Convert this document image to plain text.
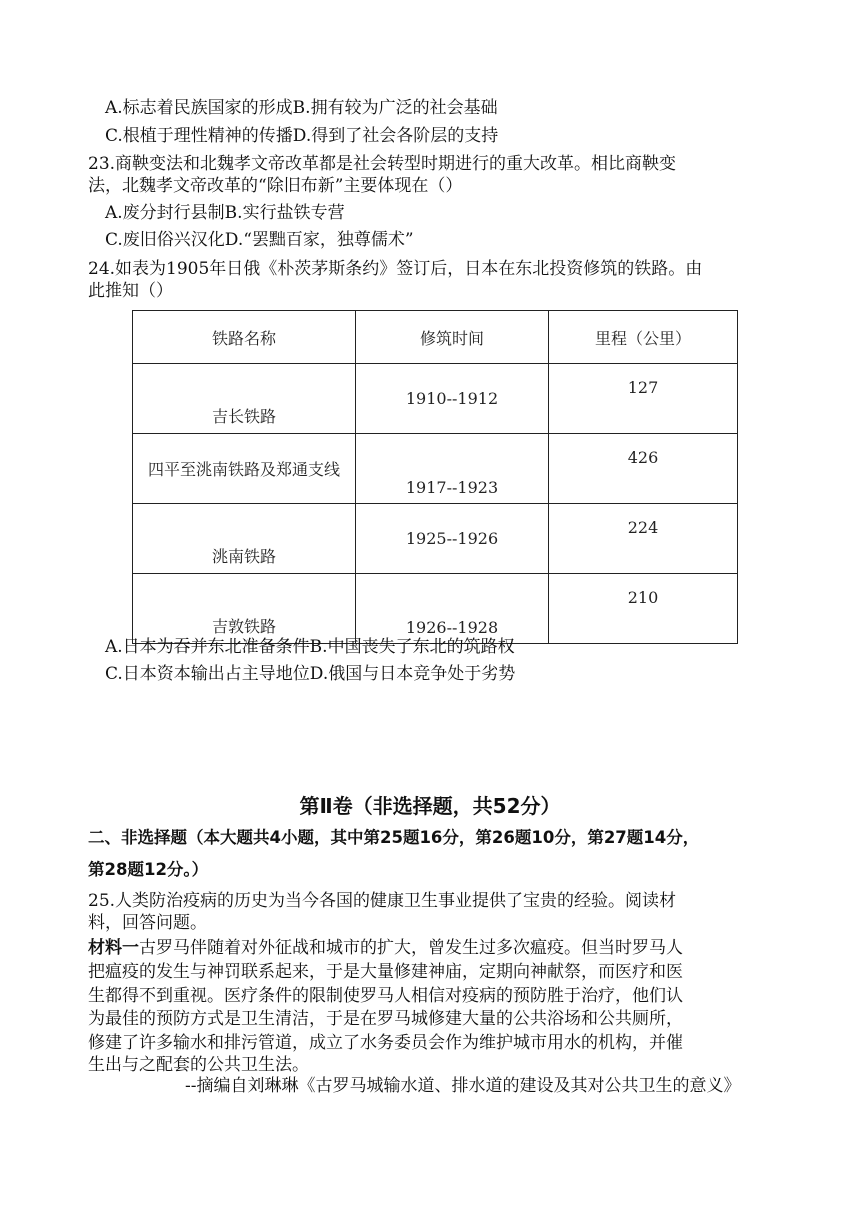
A.标志着民族国家的形成B.拥有较为广泛的社会基础
C.根植于理性精神的传播D.得到了社会各阶层的支持
23.商鞅变法和北魏孝文帝改革都是社会转型时期进行的重大改革。相比商鞅变
法，北魏孝文帝改革的“除旧布新”主要体现在（）
A.废分封行县制B.实行盐铁专营
C.废旧俗兴汉化D.“罢黜百家，独尊儒术”
24.如表为1905年日俄《朴茨茅斯条约》签订后，日本在东北投资修筑的铁路。由
此推知（）
铁路名称	修筑时间	里程（公里）
吉长铁路	1910--1912	127
四平至洮南铁路及郑通支线	1917--1923	426
洮南铁路	1925--1926	224
吉敦铁路	1926--1928	210
A.日本为吞并东北准备条件B.中国丧失了东北的筑路权
C.日本资本输出占主导地位D.俄国与日本竞争处于劣势
第Ⅱ卷（非选择题，共52分）
二、非选择题（本大题共4小题，其中第25题16分，第26题10分，第27题14分，
第28题12分。）
25.人类防治疫病的历史为当今各国的健康卫生事业提供了宝贵的经验。阅读材
料，回答问题。
材料一古罗马伴随着对外征战和城市的扩大，曾发生过多次瘟疫。但当时罗马人
把瘟疫的发生与神罚联系起来，于是大量修建神庙，定期向神献祭，而医疗和医
生都得不到重视。医疗条件的限制使罗马人相信对疫病的预防胜于治疗，他们认
为最佳的预防方式是卫生清洁，于是在罗马城修建大量的公共浴场和公共厕所，
修建了许多输水和排污管道，成立了水务委员会作为维护城市用水的机构，并催
生出与之配套的公共卫生法。
--摘编自刘琳琳《古罗马城输水道、排水道的建设及其对公共卫生的意义》
